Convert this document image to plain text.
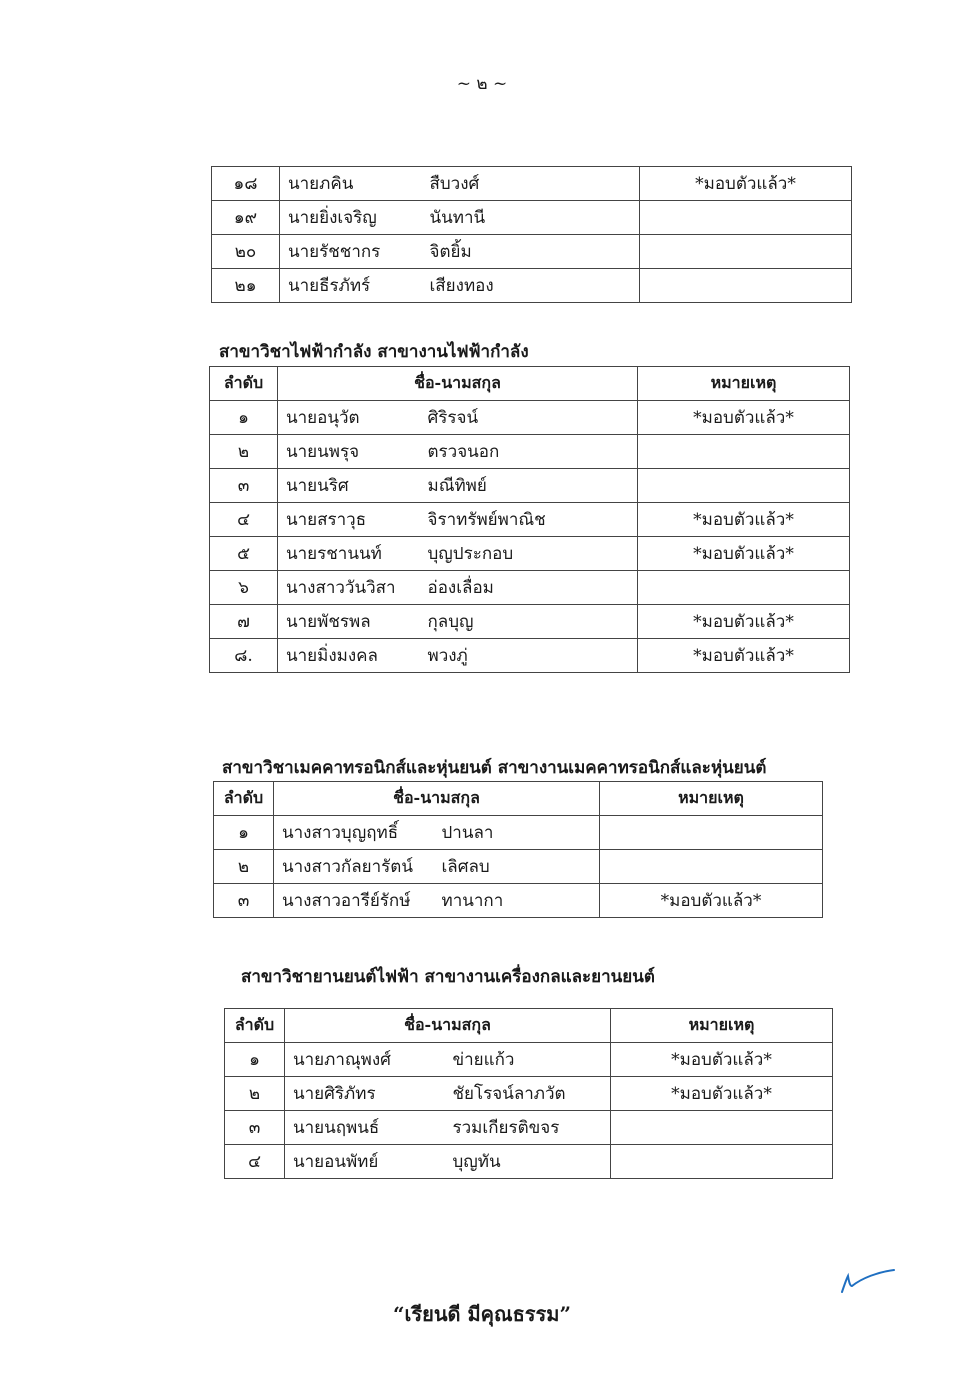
~ ๒ ~
๑๘	นายภคิน	สืบวงศ์	*มอบตัวแล้ว*
๑๙	นายยิ่งเจริญ	นันทานี	
๒๐	นายรัชชากร	จิตยิ้ม	
๒๑	นายธีรภัทร์	เสียงทอง	
สาขาวิชาไฟฟ้ากำลัง สาขางานไฟฟ้ากำลัง
ลำดับ	ชื่อ-นามสกุล		หมายเหตุ
๑	นายอนุวัต	ศิริรจน์	*มอบตัวแล้ว*
๒	นายนพรุจ	ตรวจนอก	
๓	นายนริศ	มณีทิพย์	
๔	นายสราวุธ	จิราทรัพย์พาณิช	*มอบตัวแล้ว*
๕	นายรชานนท์	บุญประกอบ	*มอบตัวแล้ว*
๖	นางสาววันวิสา	อ่องเลื่อม	
๗	นายพัชรพล	กุลบุญ	*มอบตัวแล้ว*
๘.	นายมิ่งมงคล	พวงภู่	*มอบตัวแล้ว*
สาขาวิชาเมคคาทรอนิกส์และหุ่นยนต์ สาขางานเมคคาทรอนิกส์และหุ่นยนต์
ลำดับ	ชื่อ-นามสกุล		หมายเหตุ
๑	นางสาวบุญฤทธิ์	ปานลา	
๒	นางสาวกัลยารัตน์	เลิศลบ	
๓	นางสาวอารีย์รักษ์	ทานากา	*มอบตัวแล้ว*
สาขาวิชายานยนต์ไฟฟ้า สาขางานเครื่องกลและยานยนต์
ลำดับ	ชื่อ-นามสกุล		หมายเหตุ
๑	นายภาณุพงศ์	ข่ายแก้ว	*มอบตัวแล้ว*
๒	นายศิริภัทร	ชัยโรจน์ลาภวัต	*มอบตัวแล้ว*
๓	นายนฤพนธ์	รวมเกียรติขจร	
๔	นายอนพัทย์	บุญทัน	
“เรียนดี มีคุณธรรม”
